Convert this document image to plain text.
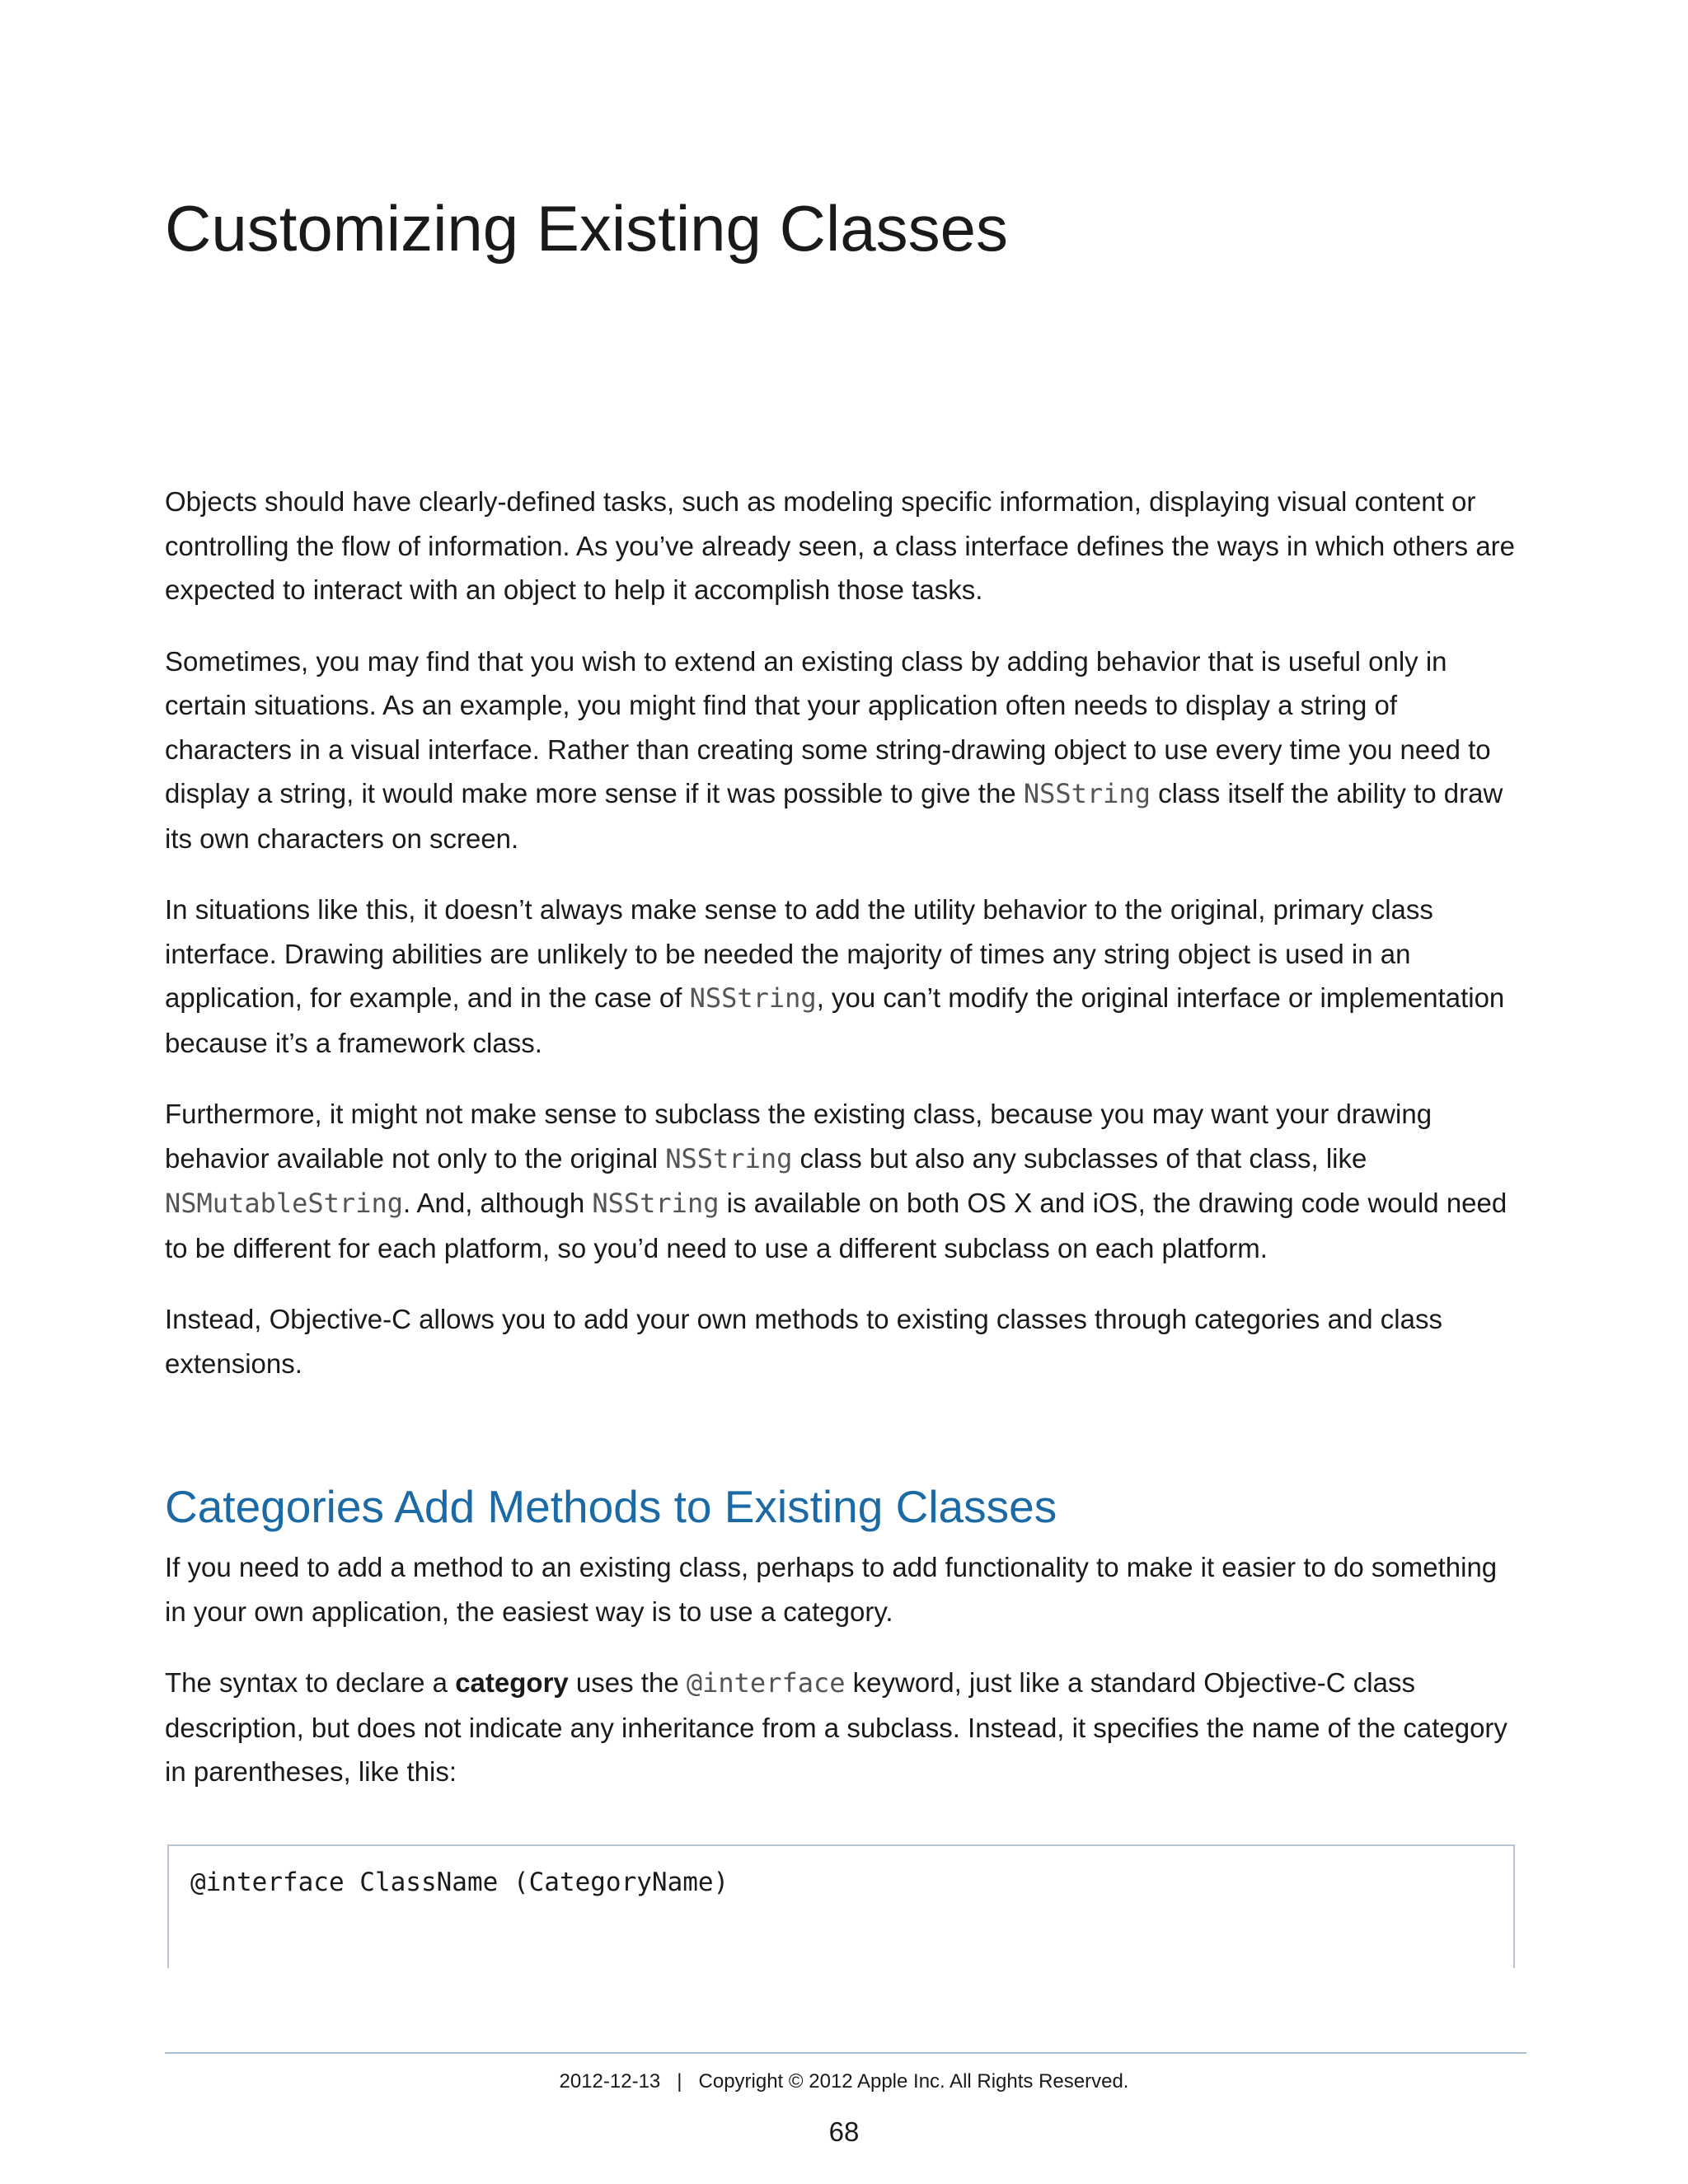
Customizing Existing Classes

Objects should have clearly-defined tasks, such as modeling specific information, displaying visual content or controlling the flow of information. As you’ve already seen, a class interface defines the ways in which others are expected to interact with an object to help it accomplish those tasks.

Sometimes, you may find that you wish to extend an existing class by adding behavior that is useful only in certain situations. As an example, you might find that your application often needs to display a string of characters in a visual interface. Rather than creating some string-drawing object to use every time you need to display a string, it would make more sense if it was possible to give the NSString class itself the ability to draw its own characters on screen.

In situations like this, it doesn’t always make sense to add the utility behavior to the original, primary class interface. Drawing abilities are unlikely to be needed the majority of times any string object is used in an application, for example, and in the case of NSString, you can’t modify the original interface or implementation because it’s a framework class.

Furthermore, it might not make sense to subclass the existing class, because you may want your drawing behavior available not only to the original NSString class but also any subclasses of that class, like NSMutableString. And, although NSString is available on both OS X and iOS, the drawing code would need to be different for each platform, so you’d need to use a different subclass on each platform.

Instead, Objective-C allows you to add your own methods to existing classes through categories and class extensions.

Categories Add Methods to Existing Classes

If you need to add a method to an existing class, perhaps to add functionality to make it easier to do something in your own application, the easiest way is to use a category.

The syntax to declare a category uses the @interface keyword, just like a standard Objective-C class description, but does not indicate any inheritance from a subclass. Instead, it specifies the name of the category in parentheses, like this:

@interface ClassName (CategoryName)
2012-12-13   |   Copyright © 2012 Apple Inc. All Rights Reserved.
68
